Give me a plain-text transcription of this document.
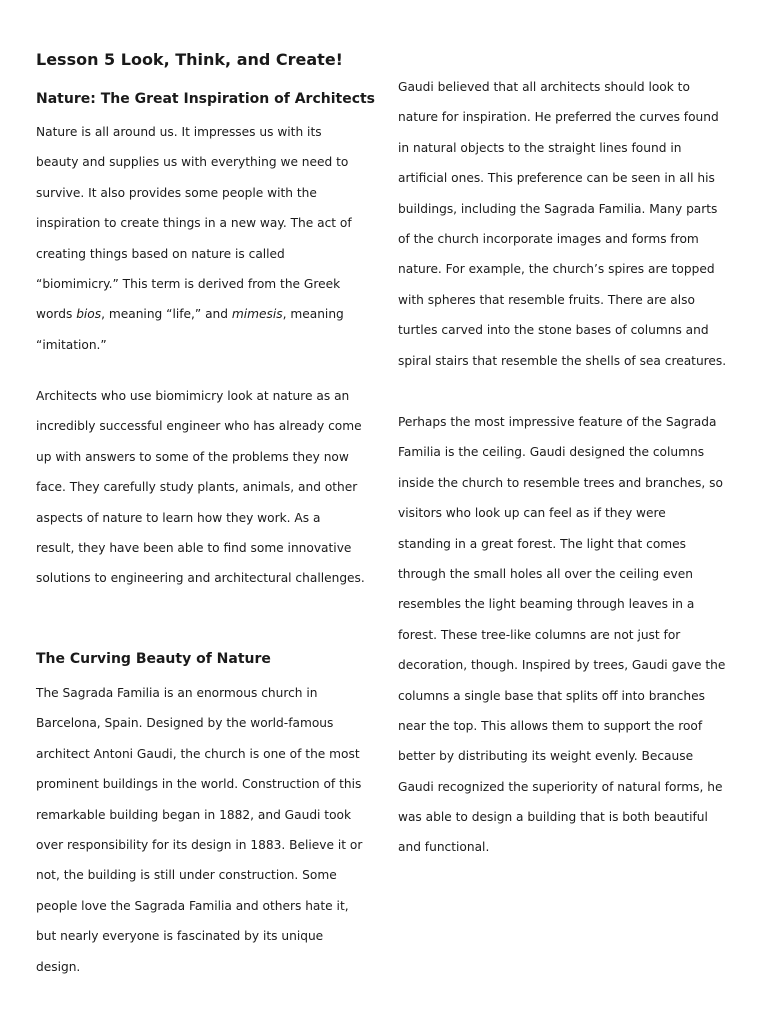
Lesson 5 Look, Think, and Create!
Nature: The Great Inspiration of Architects
Nature is all around us. It impresses us with its
beauty and supplies us with everything we need to
survive. It also provides some people with the
inspiration to create things in a new way. The act of
creating things based on nature is called
“biomimicry.” This term is derived from the Greek
words bios, meaning “life,” and mimesis, meaning
“imitation.”
Architects who use biomimicry look at nature as an
incredibly successful engineer who has already come
up with answers to some of the problems they now
face. They carefully study plants, animals, and other
aspects of nature to learn how they work. As a
result, they have been able to find some innovative
solutions to engineering and architectural challenges.
The Curving Beauty of Nature
The Sagrada Familia is an enormous church in
Barcelona, Spain. Designed by the world-famous
architect Antoni Gaudi, the church is one of the most
prominent buildings in the world. Construction of this
remarkable building began in 1882, and Gaudi took
over responsibility for its design in 1883. Believe it or
not, the building is still under construction. Some
people love the Sagrada Familia and others hate it,
but nearly everyone is fascinated by its unique
design.
Gaudi believed that all architects should look to
nature for inspiration. He preferred the curves found
in natural objects to the straight lines found in
artificial ones. This preference can be seen in all his
buildings, including the Sagrada Familia. Many parts
of the church incorporate images and forms from
nature. For example, the church’s spires are topped
with spheres that resemble fruits. There are also
turtles carved into the stone bases of columns and
spiral stairs that resemble the shells of sea creatures.
Perhaps the most impressive feature of the Sagrada
Familia is the ceiling. Gaudi designed the columns
inside the church to resemble trees and branches, so
visitors who look up can feel as if they were
standing in a great forest. The light that comes
through the small holes all over the ceiling even
resembles the light beaming through leaves in a
forest. These tree-like columns are not just for
decoration, though. Inspired by trees, Gaudi gave the
columns a single base that splits off into branches
near the top. This allows them to support the roof
better by distributing its weight evenly. Because
Gaudi recognized the superiority of natural forms, he
was able to design a building that is both beautiful
and functional.
